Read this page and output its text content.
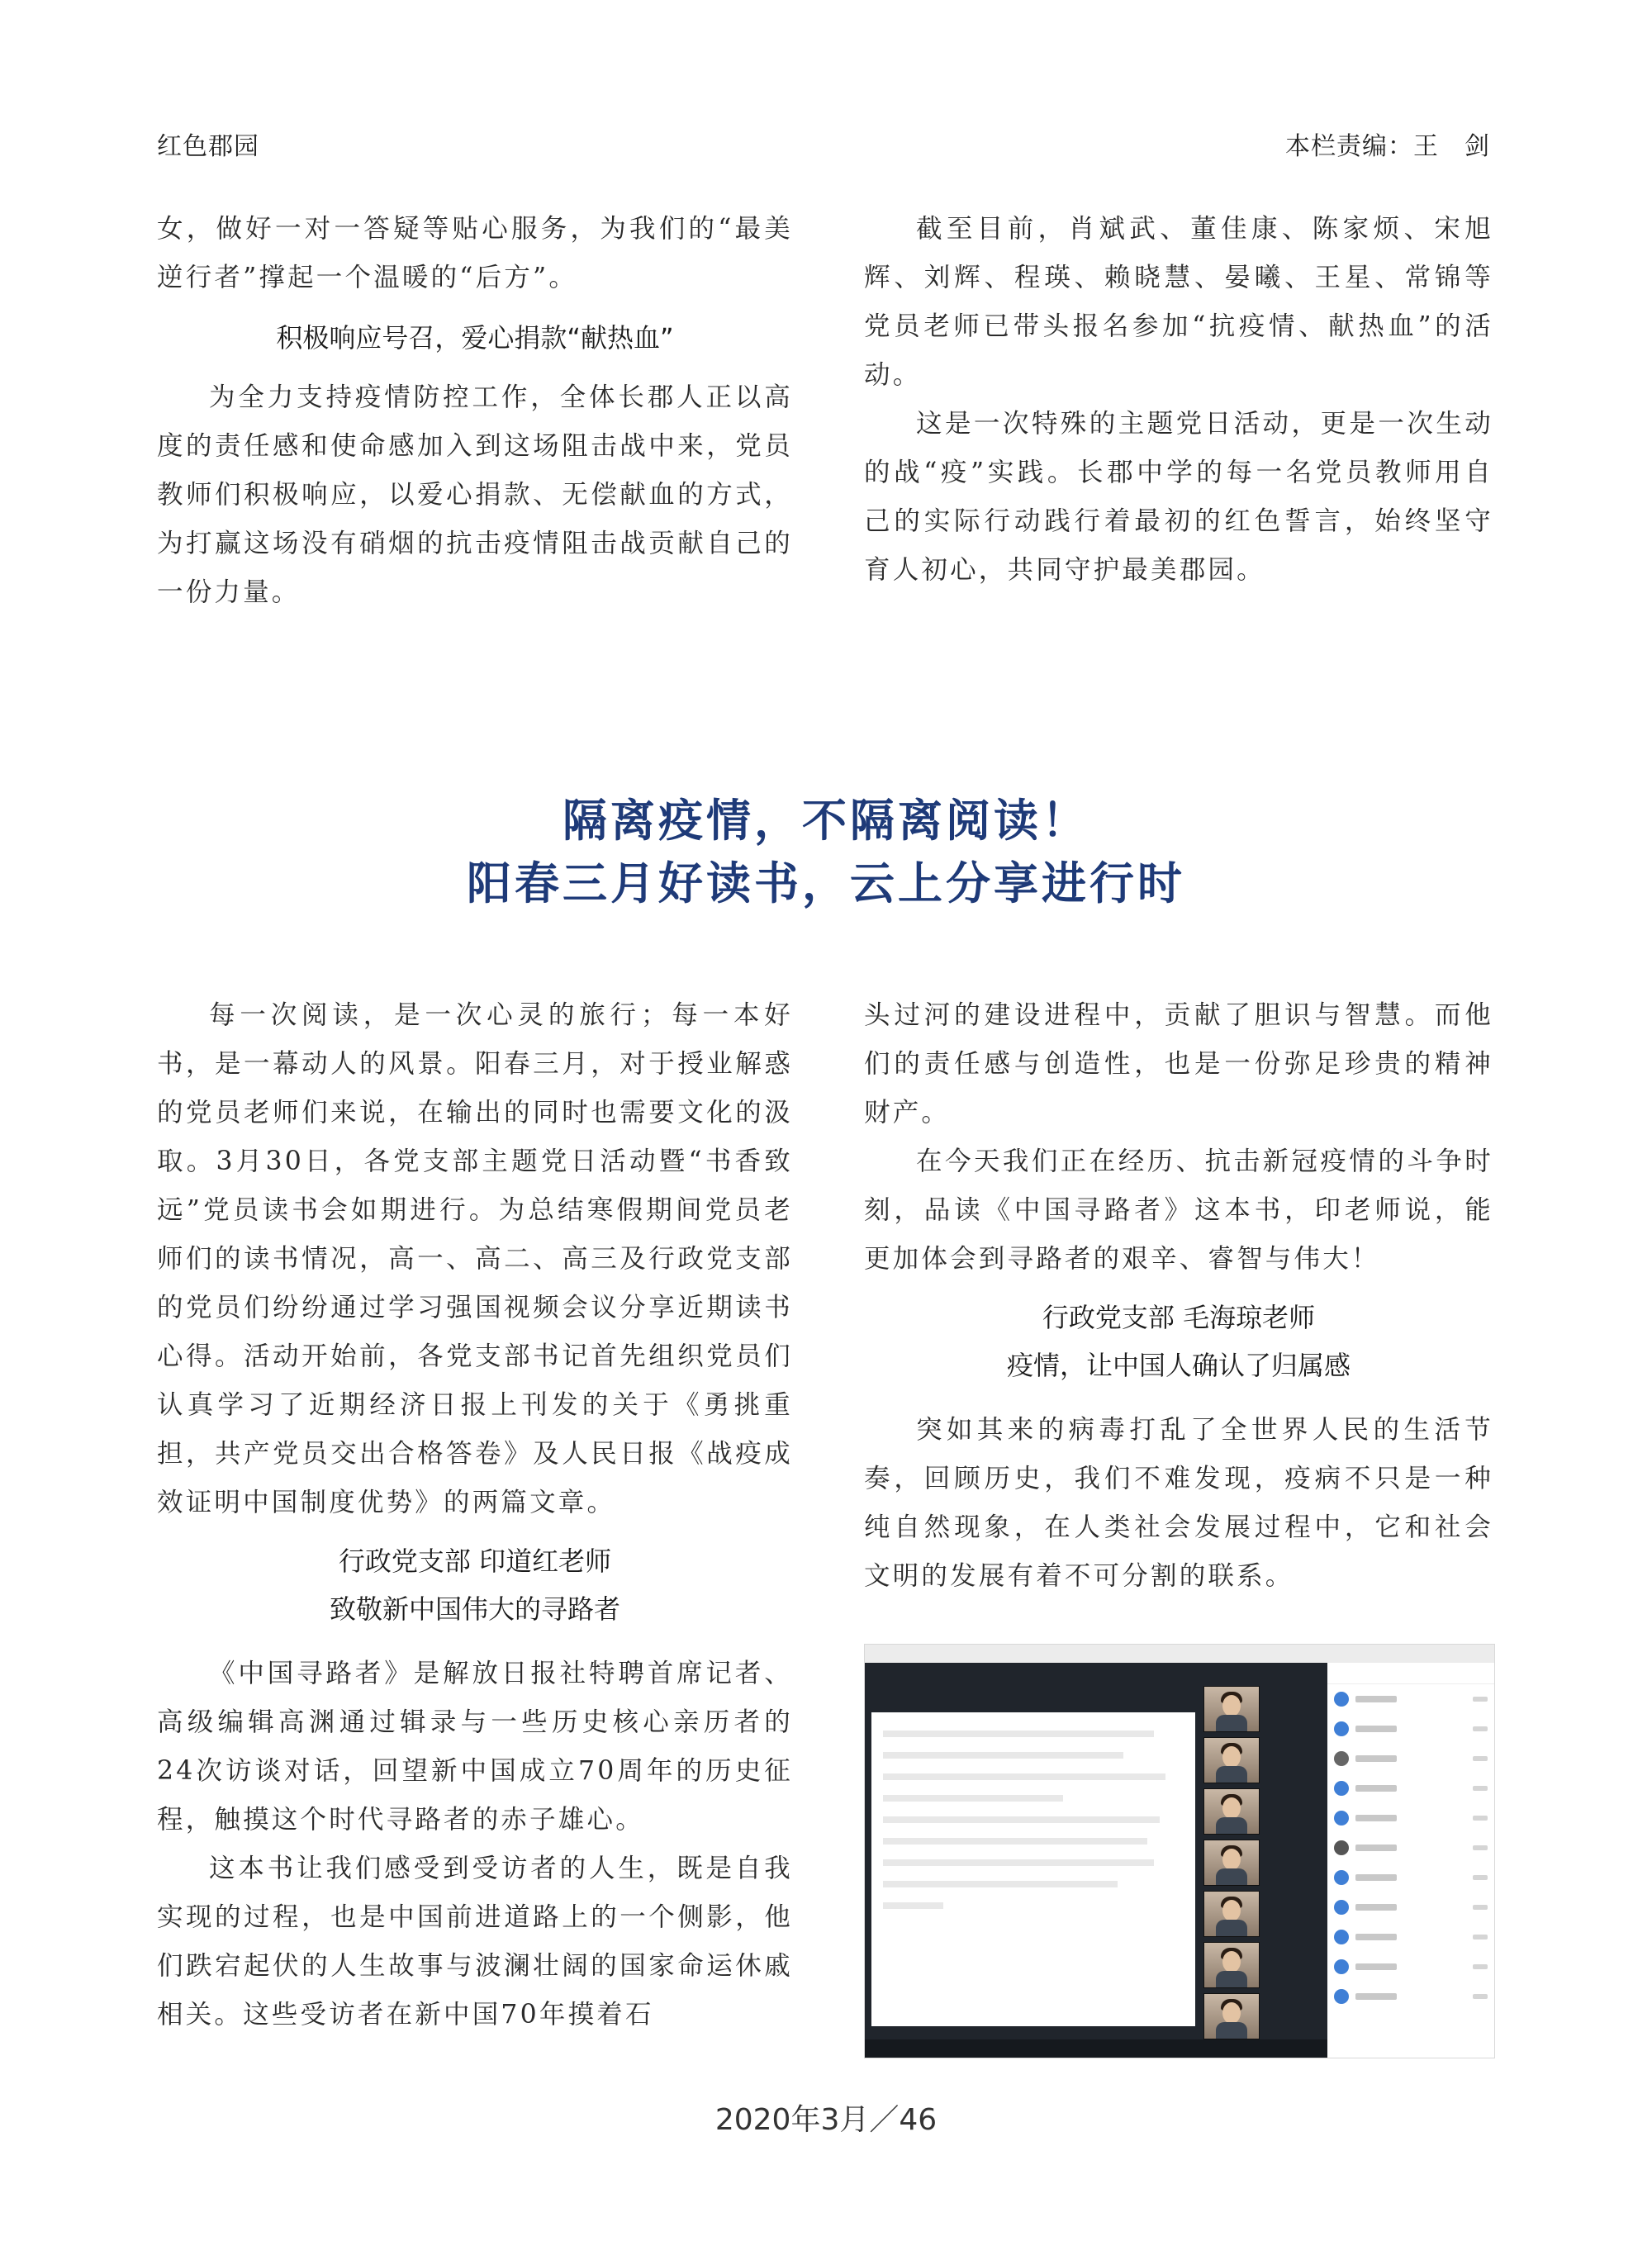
红色郡园	本栏责编：王　剑

女，做好一对一答疑等贴心服务，为我们的“最美逆行者”撑起一个温暖的“后方”。

积极响应号召，爱心捐款“献热血”

为全力支持疫情防控工作，全体长郡人正以高度的责任感和使命感加入到这场阻击战中来，党员教师们积极响应，以爱心捐款、无偿献血的方式，为打赢这场没有硝烟的抗击疫情阻击战贡献自己的一份力量。

截至目前，肖斌武、董佳康、陈家烦、宋旭辉、刘辉、程瑛、赖晓慧、晏曦、王星、常锦等党员老师已带头报名参加“抗疫情、献热血”的活动。

这是一次特殊的主题党日活动，更是一次生动的战“疫”实践。长郡中学的每一名党员教师用自己的实际行动践行着最初的红色誓言，始终坚守育人初心，共同守护最美郡园。

隔离疫情，不隔离阅读！
阳春三月好读书，云上分享进行时

每一次阅读，是一次心灵的旅行；每一本好书，是一幕动人的风景。阳春三月，对于授业解惑的党员老师们来说，在输出的同时也需要文化的汲取。3月30日，各党支部主题党日活动暨“书香致远”党员读书会如期进行。为总结寒假期间党员老师们的读书情况，高一、高二、高三及行政党支部的党员们纷纷通过学习强国视频会议分享近期读书心得。活动开始前，各党支部书记首先组织党员们认真学习了近期经济日报上刊发的关于《勇挑重担，共产党员交出合格答卷》及人民日报《战疫成效证明中国制度优势》的两篇文章。

行政党支部 印道红老师

致敬新中国伟大的寻路者

《中国寻路者》是解放日报社特聘首席记者、高级编辑高渊通过辑录与一些历史核心亲历者的24次访谈对话，回望新中国成立70周年的历史征程，触摸这个时代寻路者的赤子雄心。

这本书让我们感受到受访者的人生，既是自我实现的过程，也是中国前进道路上的一个侧影，他们跌宕起伏的人生故事与波澜壮阔的国家命运休戚相关。这些受访者在新中国70年摸着石

头过河的建设进程中，贡献了胆识与智慧。而他们的责任感与创造性，也是一份弥足珍贵的精神财产。

在今天我们正在经历、抗击新冠疫情的斗争时刻，品读《中国寻路者》这本书，印老师说，能更加体会到寻路者的艰辛、睿智与伟大！

行政党支部 毛海琼老师

疫情，让中国人确认了归属感

突如其来的病毒打乱了全世界人民的生活节奏，回顾历史，我们不难发现，疫病不只是一种纯自然现象，在人类社会发展过程中，它和社会文明的发展有着不可分割的联系。

2020年3月／46
